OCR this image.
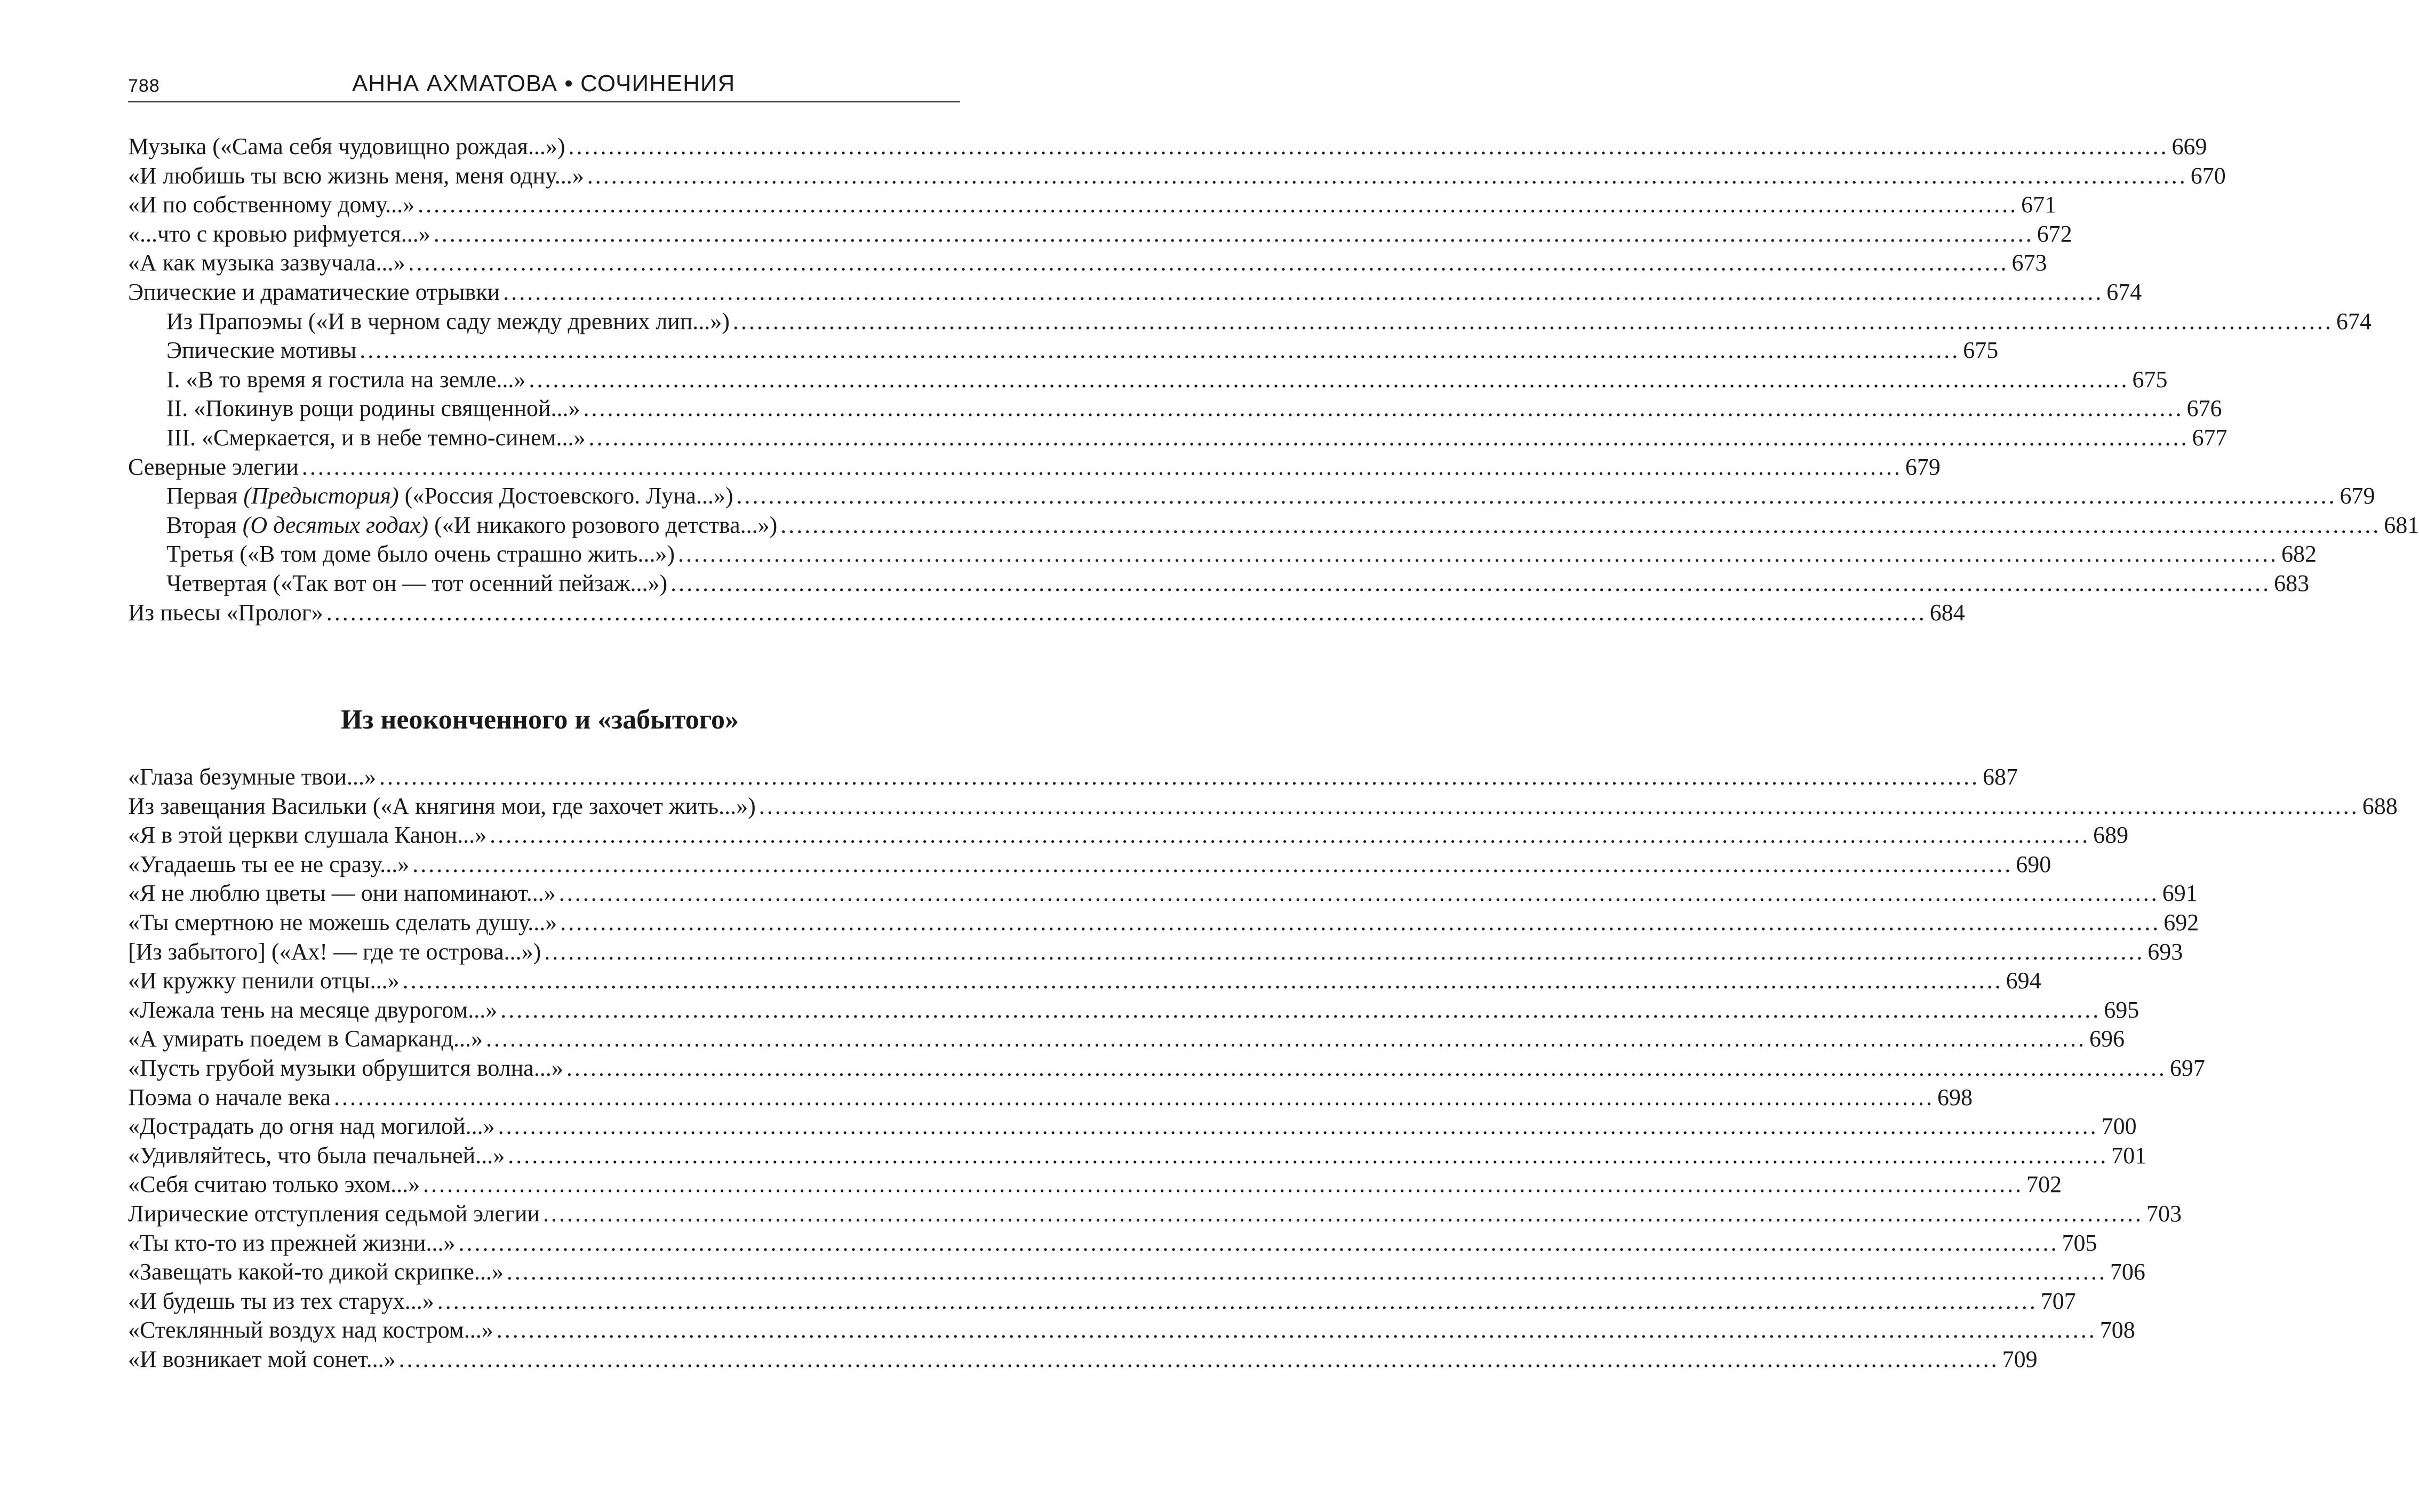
788	АННА АХМАТОВА • СОЧИНЕНИЯ
Музыка («Сама себя чудовищно рождая...») .....	669
«И любишь ты всю жизнь меня, меня одну...» .....	670
«И по собственному дому...» .....	671
«...что с кровью рифмуется...» .....	672
«А как музыка зазвучала...» .....	673
Эпические и драматические отрывки .....	674
Из Прапоэмы («И в черном саду между древних лип...») .....	674
Эпические мотивы .....	675
I. «В то время я гостила на земле...» .....	675
II. «Покинув рощи родины священной...» .....	676
III. «Смеркается, и в небе темно-синем...» .....	677
Северные элегии .....	679
Первая (Предыстория) («Россия Достоевского. Луна...») .....	679
Вторая (О десятых годах) («И никакого розового детства...») .....	681
Третья («В том доме было очень страшно жить...») .....	682
Четвертая («Так вот он — тот осенний пейзаж...») .....	683
Из пьесы «Пролог» .....	684
Из неоконченного и «забытого»
«Глаза безумные твои...» .....	687
Из завещания Васильки («А княгиня мои, где захочет жить...») .....	688
«Я в этой церкви слушала Канон...» .....	689
«Угадаешь ты ее не сразу...» .....	690
«Я не люблю цветы — они напоминают...» .....	691
«Ты смертною не можешь сделать душу...» .....	692
[Из забытого] («Ах! — где те острова...») .....	693
«И кружку пенили отцы...» .....	694
«Лежала тень на месяце двурогом...» .....	695
«А умирать поедем в Самарканд...» .....	696
«Пусть грубой музыки обрушится волна...» .....	697
Поэма о начале века .....	698
«Дострадать до огня над могилой...» .....	700
«Удивляйтесь, что была печальней...» .....	701
«Себя считаю только эхом...» .....	702
Лирические отступления седьмой элегии .....	703
«Ты кто-то из прежней жизни...» .....	705
«Завещать какой-то дикой скрипке...» .....	706
«И будешь ты из тех старух...» .....	707
«Стеклянный воздух над костром...» .....	708
«И возникает мой сонет...» .....	709
